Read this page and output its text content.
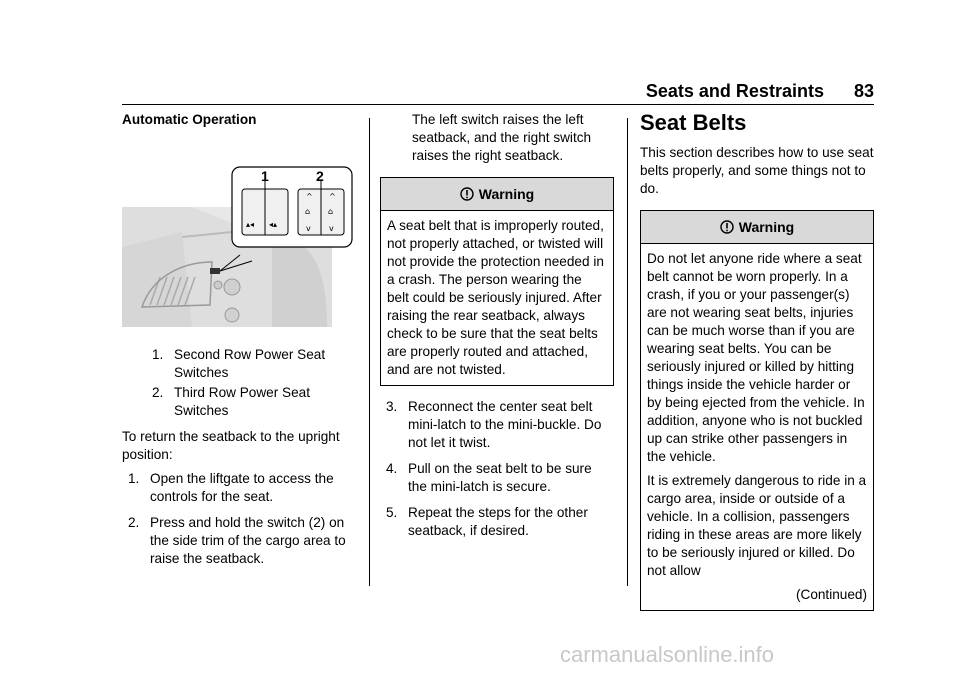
Seats and Restraints 83

Automatic Operation

▴◂ ◂▴
^ ^
⌂ ⌂
v v
1	2
1. Second Row Power Seat Switches
2. Third Row Power Seat Switches

To return the seatback to the upright position:

1. Open the liftgate to access the controls for the seat.
2. Press and hold the switch (2) on the side trim of the cargo area to raise the seatback.

The left switch raises the left seatback, and the right switch raises the right seatback.

Warning

A seat belt that is improperly routed, not properly attached, or twisted will not provide the protection needed in a crash. The person wearing the belt could be seriously injured. After raising the rear seatback, always check to be sure that the seat belts are properly routed and attached, and are not twisted.

3. Reconnect the center seat belt mini-latch to the mini-buckle. Do not let it twist.
4. Pull on the seat belt to be sure the mini-latch is secure.
5. Repeat the steps for the other seatback, if desired.
Seat Belts

This section describes how to use seat belts properly, and some things not to do.

Warning

Do not let anyone ride where a seat belt cannot be worn properly. In a crash, if you or your passenger(s) are not wearing seat belts, injuries can be much worse than if you are wearing seat belts. You can be seriously injured or killed by hitting things inside the vehicle harder or by being ejected from the vehicle. In addition, anyone who is not buckled up can strike other passengers in the vehicle.

It is extremely dangerous to ride in a cargo area, inside or outside of a vehicle. In a collision, passengers riding in these areas are more likely to be seriously injured or killed. Do not allow

(Continued)

carmanualsonline.info
